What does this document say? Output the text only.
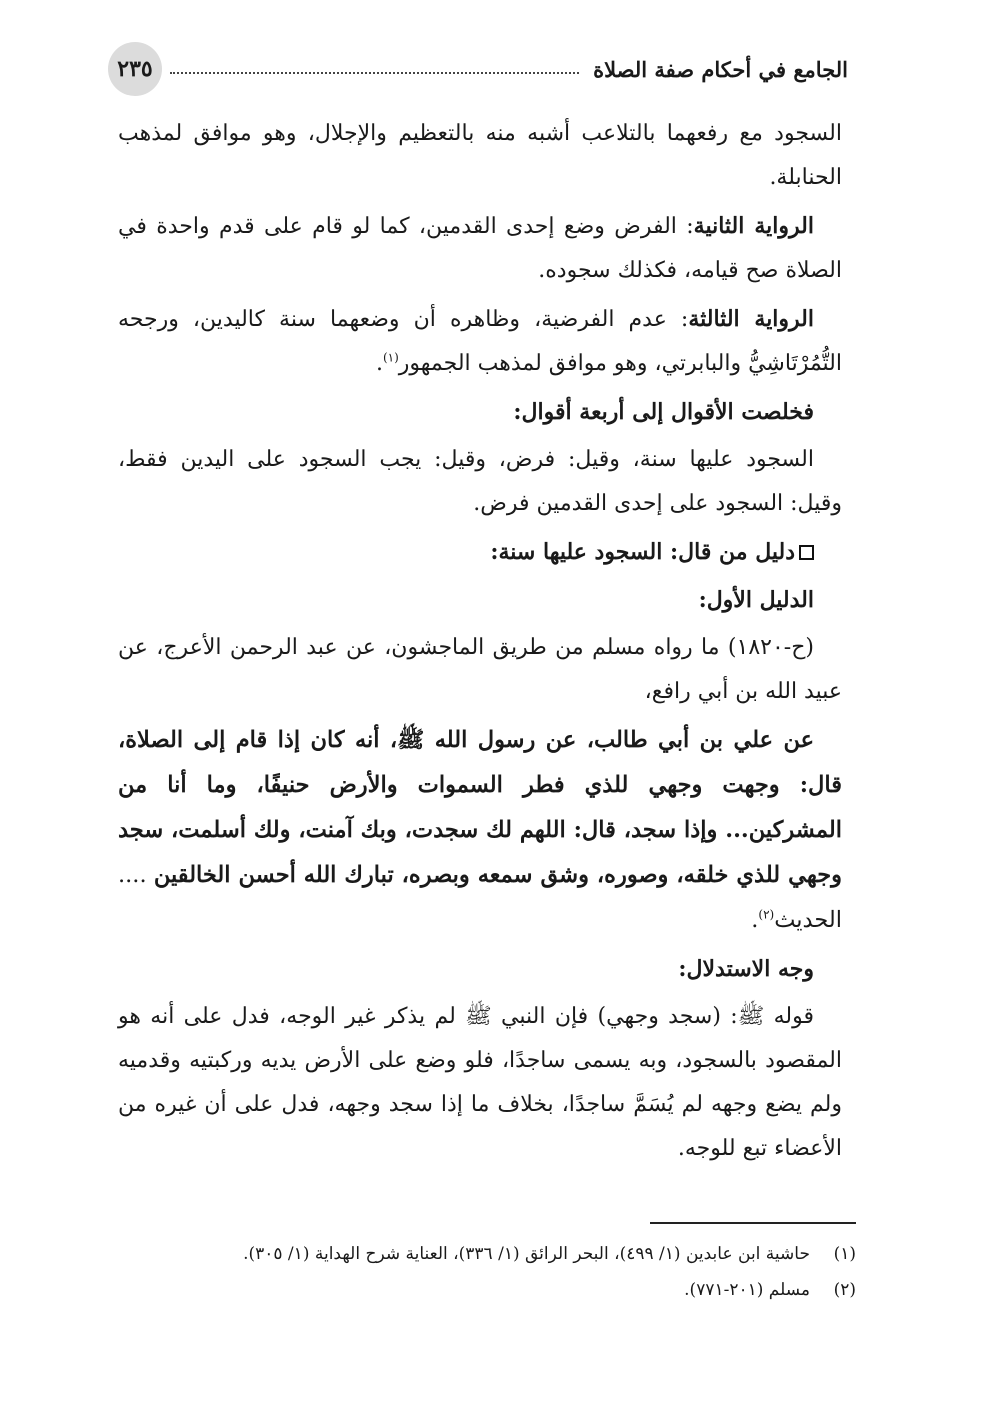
الجامع في أحكام صفة الصلاة
٢٣٥

السجود مع رفعهما بالتلاعب أشبه منه بالتعظيم والإجلال، وهو موافق لمذهب الحنابلة.

الرواية الثانية: الفرض وضع إحدى القدمين، كما لو قام على قدم واحدة في الصلاة صح قيامه، فكذلك سجوده.

الرواية الثالثة: عدم الفرضية، وظاهره أن وضعهما سنة كاليدين، ورجحه التُّمُرْتَاشِيُّ والبابرتي، وهو موافق لمذهب الجمهور$^{(١)}$.

فخلصت الأقوال إلى أربعة أقوال:

السجود عليها سنة، وقيل: فرض، وقيل: يجب السجود على اليدين فقط، وقيل: السجود على إحدى القدمين فرض.

دليل من قال: السجود عليها سنة:

الدليل الأول:

(ح-١٨٢٠) ما رواه مسلم من طريق الماجشون، عن عبد الرحمن الأعرج، عن عبيد الله بن أبي رافع،

عن علي بن أبي طالب، عن رسول الله ﷺ، أنه كان إذا قام إلى الصلاة، قال: وجهت وجهي للذي فطر السموات والأرض حنيفًا، وما أنا من المشركين... وإذا سجد، قال: اللهم لك سجدت، وبك آمنت، ولك أسلمت، سجد وجهي للذي خلقه، وصوره، وشق سمعه وبصره، تبارك الله أحسن الخالقين .... الحديث$^{(٢)}$.

وجه الاستدلال:

قوله ﷺ: (سجد وجهي) فإن النبي ﷺ لم يذكر غير الوجه، فدل على أنه هو المقصود بالسجود، وبه يسمى ساجدًا، فلو وضع على الأرض يديه وركبتيه وقدميه ولم يضع وجهه لم يُسَمَّ ساجدًا، بخلاف ما إذا سجد وجهه، فدل على أن غيره من الأعضاء تبع للوجه.

(١)
حاشية ابن عابدين (١/ ٤٩٩)، البحر الرائق (١/ ٣٣٦)، العناية شرح الهداية (١/ ٣٠٥).
(٢)
مسلم (٢٠١-٧٧١).
